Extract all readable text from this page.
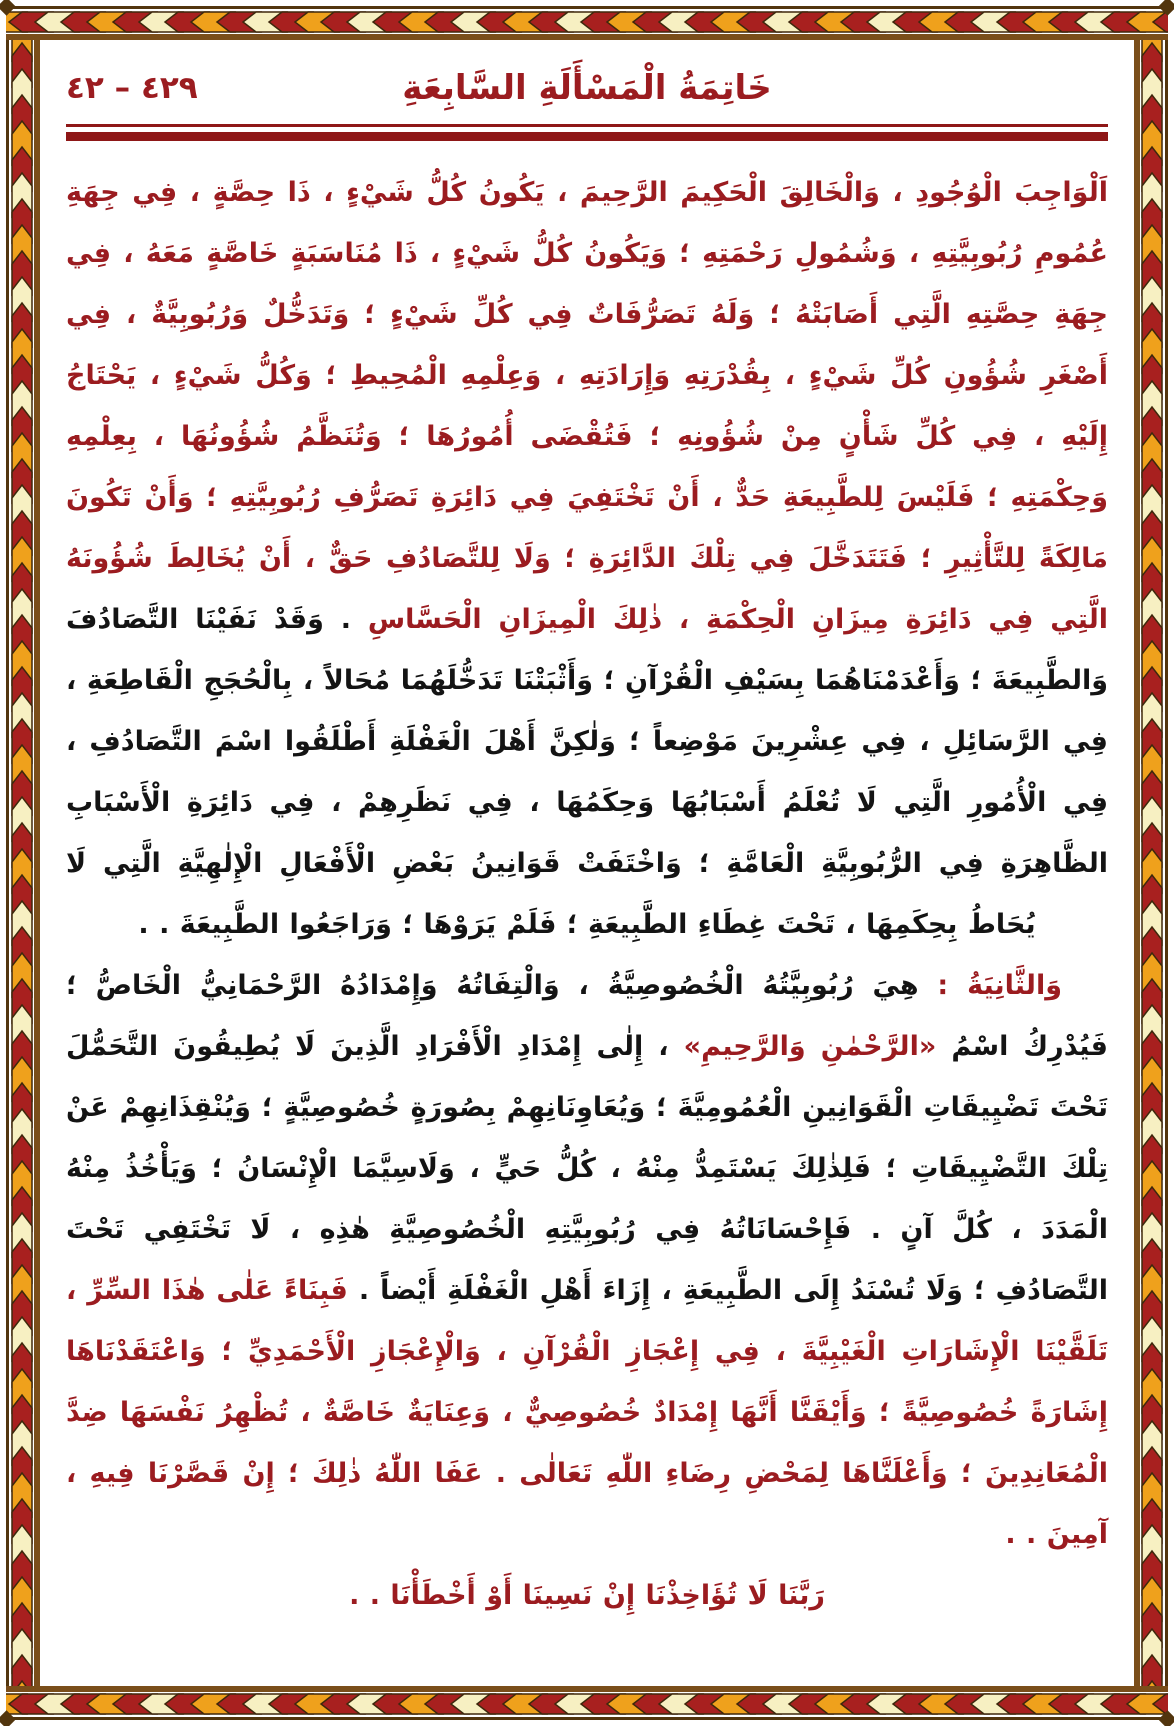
٤٢٩ – ٤٢	خَاتِمَةُ الْمَسْأَلَةِ السَّابِعَةِ

اَلْوَاجِبَ الْوُجُودِ ، وَالْخَالِقَ الْحَكِيمَ الرَّحِيمَ ، يَكُونُ كُلُّ شَيْءٍ ، ذَا حِصَّةٍ ، فِي جِهَةِ عُمُومِ رُبُوبِيَّتِهِ ، وَشُمُولِ رَحْمَتِهِ ؛ وَيَكُونُ كُلُّ شَيْءٍ ، ذَا مُنَاسَبَةٍ خَاصَّةٍ مَعَهُ ، فِي جِهَةِ حِصَّتِهِ الَّتِي أَصَابَتْهُ ؛ وَلَهُ تَصَرُّفَاتٌ فِي كُلِّ شَيْءٍ ؛ وَتَدَخُّلٌ وَرُبُوبِيَّةٌ ، فِي أَصْغَرِ شُؤُونِ كُلِّ شَيْءٍ ، بِقُدْرَتِهِ وَإِرَادَتِهِ ، وَعِلْمِهِ الْمُحِيطِ ؛ وَكُلُّ شَيْءٍ ، يَحْتَاجُ إِلَيْهِ ، فِي كُلِّ شَأْنٍ مِنْ شُؤُونِهِ ؛ فَتُقْضَى أُمُورُهَا ؛ وَتُنَظَّمُ شُؤُونُهَا ، بِعِلْمِهِ وَحِكْمَتِهِ ؛ فَلَيْسَ لِلطَّبِيعَةِ حَدٌّ ، أَنْ تَخْتَفِيَ فِي دَائِرَةِ تَصَرُّفِ رُبُوبِيَّتِهِ ؛ وَأَنْ تَكُونَ مَالِكَةً لِلتَّأْثِيرِ ؛ فَتَتَدَخَّلَ فِي تِلْكَ الدَّائِرَةِ ؛ وَلَا لِلتَّصَادُفِ حَقٌّ ، أَنْ يُخَالِطَ شُؤُونَهُ الَّتِي فِي دَائِرَةِ مِيزَانِ الْحِكْمَةِ ، ذٰلِكَ الْمِيزَانِ الْحَسَّاسِ . وَقَدْ نَفَيْنَا التَّصَادُفَ وَالطَّبِيعَةَ ؛ وَأَعْدَمْنَاهُمَا بِسَيْفِ الْقُرْآنِ ؛ وَأَثْبَتْنَا تَدَخُّلَهُمَا مُحَالاً ، بِالْحُجَجِ الْقَاطِعَةِ ، فِي الرَّسَائِلِ ، فِي عِشْرِينَ مَوْضِعاً ؛ وَلٰكِنَّ أَهْلَ الْغَفْلَةِ أَطْلَقُوا اسْمَ التَّصَادُفِ ، فِي الْأُمُورِ الَّتِي لَا تُعْلَمُ أَسْبَابُهَا وَحِكَمُهَا ، فِي نَظَرِهِمْ ، فِي دَائِرَةِ الْأَسْبَابِ الظَّاهِرَةِ فِي الرُّبُوبِيَّةِ الْعَامَّةِ ؛ وَاخْتَفَتْ قَوَانِينُ بَعْضِ الْأَفْعَالِ الْإِلٰهِيَّةِ الَّتِي لَا يُحَاطُ بِحِكَمِهَا ، تَحْتَ غِطَاءِ الطَّبِيعَةِ ؛ فَلَمْ يَرَوْهَا ؛ وَرَاجَعُوا الطَّبِيعَةَ . .

وَالثَّانِيَةُ : هِيَ رُبُوبِيَّتُهُ الْخُصُوصِيَّةُ ، وَالْتِفَاتُهُ وَإِمْدَادُهُ الرَّحْمَانِيُّ الْخَاصُّ ؛ فَيُدْرِكُ اسْمُ «الرَّحْمٰنِ وَالرَّحِيمِ» ، إِلٰى إِمْدَادِ الْأَفْرَادِ الَّذِينَ لَا يُطِيقُونَ التَّحَمُّلَ تَحْتَ تَضْيِيقَاتِ الْقَوَانِينِ الْعُمُومِيَّةَ ؛ وَيُعَاوِنَانِهِمْ بِصُورَةٍ خُصُوصِيَّةٍ ؛ وَيُنْقِذَانِهِمْ عَنْ تِلْكَ التَّضْيِيقَاتِ ؛ فَلِذٰلِكَ يَسْتَمِدُّ مِنْهُ ، كُلُّ حَيٍّ ، وَلَاسِيَّمَا الْإِنْسَانُ ؛ وَيَأْخُذُ مِنْهُ الْمَدَدَ ، كُلَّ آنٍ . فَإِحْسَانَاتُهُ فِي رُبُوبِيَّتِهِ الْخُصُوصِيَّةِ هٰذِهِ ، لَا تَخْتَفِي تَحْتَ التَّصَادُفِ ؛ وَلَا تُسْنَدُ إِلَى الطَّبِيعَةِ ، إِزَاءَ أَهْلِ الْغَفْلَةِ أَيْضاً . فَبِنَاءً عَلٰى هٰذَا السِّرِّ ، تَلَقَّيْنَا الْإِشَارَاتِ الْغَيْبِيَّةَ ، فِي إِعْجَازِ الْقُرْآنِ ، وَالْإِعْجَازِ الْأَحْمَدِيِّ ؛ وَاعْتَقَدْنَاهَا إِشَارَةً خُصُوصِيَّةً ؛ وَأَيْقَنَّا أَنَّهَا إِمْدَادٌ خُصُوصِيٌّ ، وَعِنَايَةٌ خَاصَّةٌ ، تُظْهِرُ نَفْسَهَا ضِدَّ الْمُعَانِدِينَ ؛ وَأَعْلَنَّاهَا لِمَحْضِ رِضَاءِ اللّٰهِ تَعَالٰى . عَفَا اللّٰهُ ذٰلِكَ ؛ إِنْ قَصَّرْنَا فِيهِ ، آمِينَ . .

رَبَّنَا لَا تُؤَاخِذْنَا إِنْ نَسِينَا أَوْ أَخْطَأْنَا . .
